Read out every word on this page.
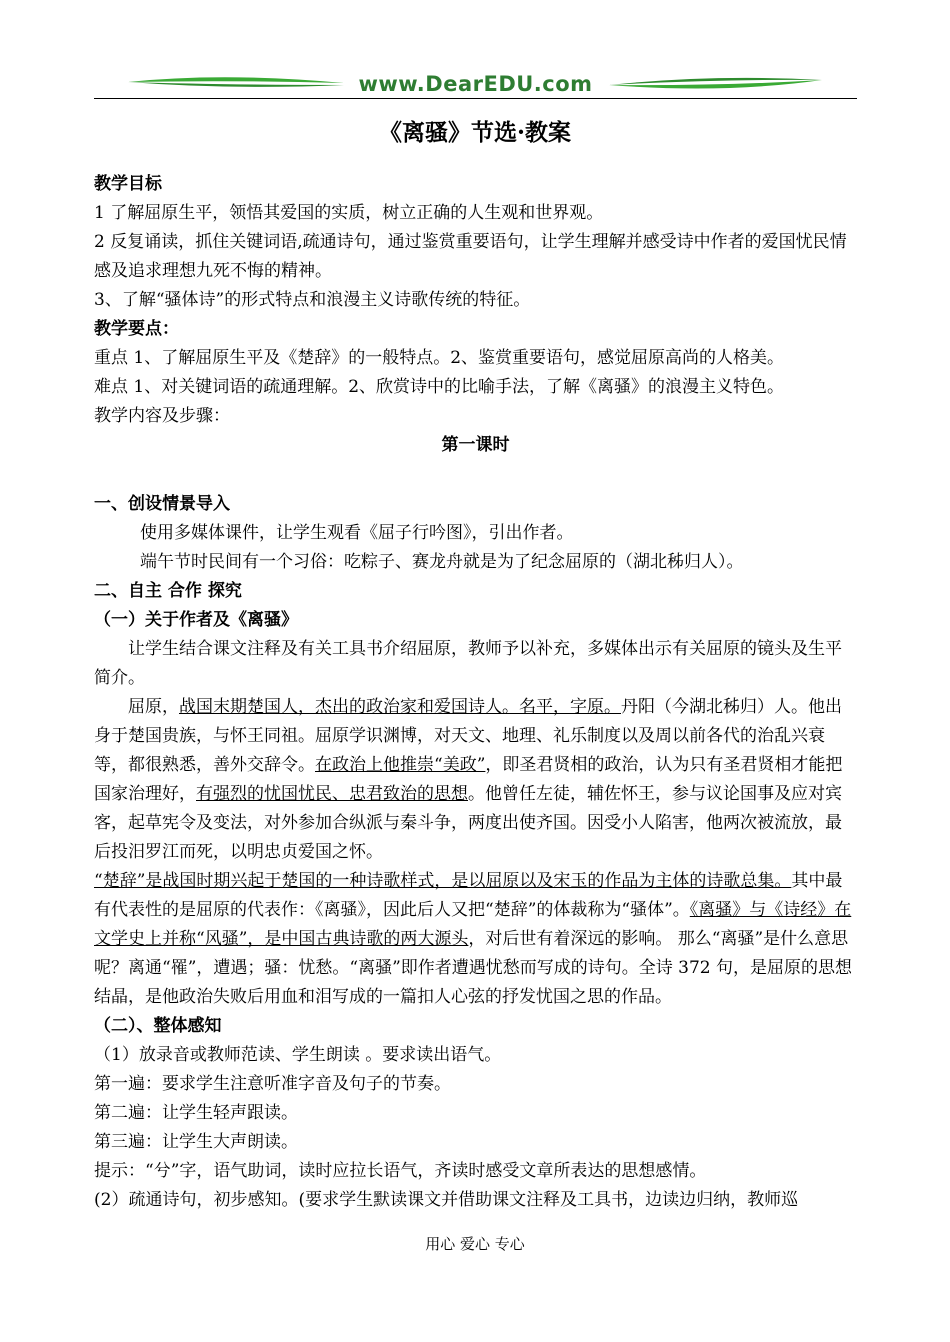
www.DearEDU.com
《离骚》节选·教案

教学目标

1 了解屈原生平，领悟其爱国的实质，树立正确的人生观和世界观。

2 反复诵读，抓住关键词语,疏通诗句，通过鉴赏重要语句，让学生理解并感受诗中作者的爱国忧民情感及追求理想九死不悔的精神。

3、了解“骚体诗”的形式特点和浪漫主义诗歌传统的特征。

教学要点：

重点 1、了解屈原生平及《楚辞》的一般特点。2、鉴赏重要语句，感觉屈原高尚的人格美。

难点 1、对关键词语的疏通理解。2、欣赏诗中的比喻手法，了解《离骚》的浪漫主义特色。

教学内容及步骤：

第一课时

一、创设情景导入

使用多媒体课件，让学生观看《屈子行吟图》，引出作者。

端午节时民间有一个习俗：吃粽子、赛龙舟就是为了纪念屈原的（湖北秭归人）。

二、自主 合作 探究

（一）关于作者及《离骚》

让学生结合课文注释及有关工具书介绍屈原，教师予以补充，多媒体出示有关屈原的镜头及生平简介。

屈原，战国末期楚国人，杰出的政治家和爱国诗人。名平，字原。丹阳（今湖北秭归）人。他出身于楚国贵族，与怀王同祖。屈原学识渊博，对天文、地理、礼乐制度以及周以前各代的治乱兴衰等，都很熟悉，善外交辞令。在政治上他推崇“美政”，即圣君贤相的政治，认为只有圣君贤相才能把国家治理好，有强烈的忧国忧民、忠君致治的思想。他曾任左徒，辅佐怀王，参与议论国事及应对宾客，起草宪令及变法，对外参加合纵派与秦斗争，两度出使齐国。因受小人陷害，他两次被流放，最后投汨罗江而死，以明忠贞爱国之怀。

“楚辞”是战国时期兴起于楚国的一种诗歌样式，是以屈原以及宋玉的作品为主体的诗歌总集。其中最有代表性的是屈原的代表作：《离骚》，因此后人又把“楚辞”的体裁称为“骚体”。《离骚》与《诗经》在文学史上并称“风骚”，是中国古典诗歌的两大源头，对后世有着深远的影响。 那么“离骚”是什么意思呢？离通“罹”，遭遇；骚：忧愁。“离骚”即作者遭遇忧愁而写成的诗句。全诗 372 句，是屈原的思想结晶，是他政治失败后用血和泪写成的一篇扣人心弦的抒发忧国之思的作品。

（二）、整体感知

（1）放录音或教师范读、学生朗读 。要求读出语气。

第一遍：要求学生注意听准字音及句子的节奏。

第二遍：让学生轻声跟读。

第三遍：让学生大声朗读。

提示：“兮”字，语气助词，读时应拉长语气，齐读时感受文章所表达的思想感情。

(2）疏通诗句，初步感知。(要求学生默读课文并借助课文注释及工具书，边读边归纳，教师巡

用心 爱心 专心
